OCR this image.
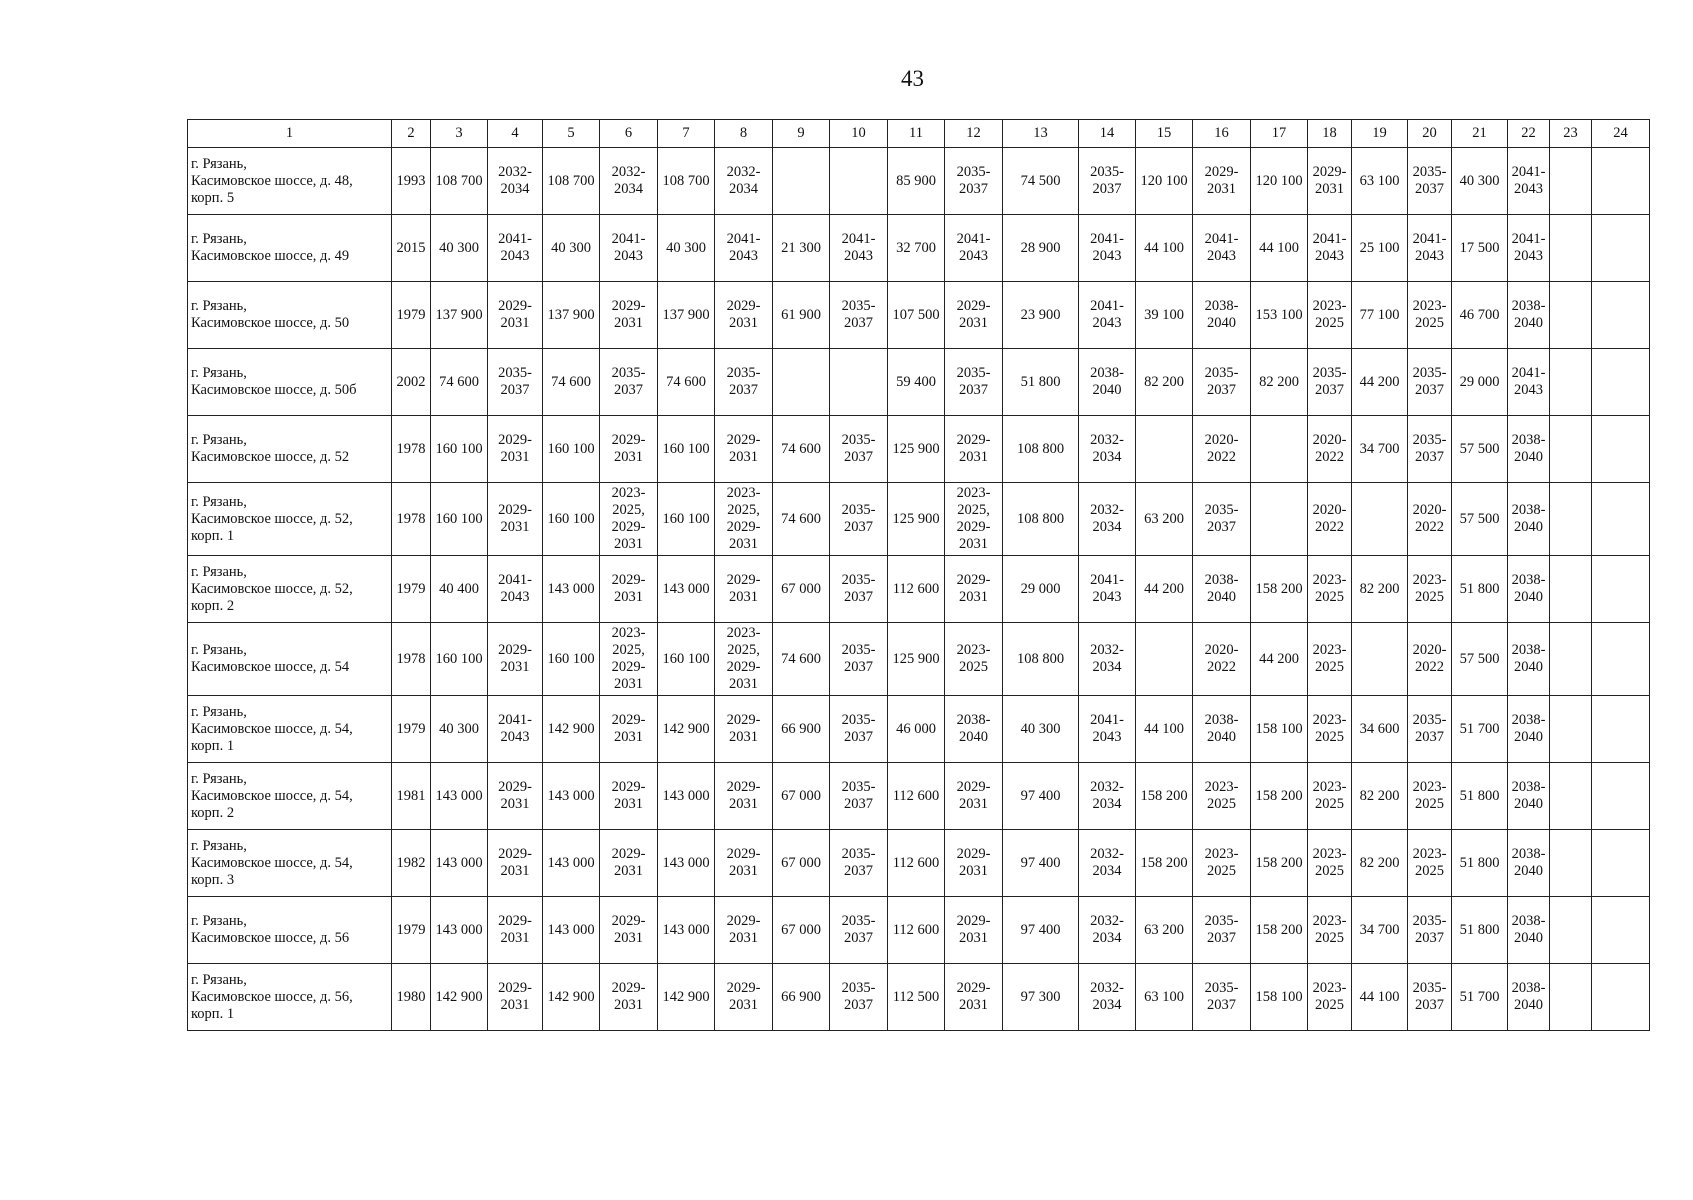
43
1	2	3	4	5	6	7	8	9	10	11	12	13	14	15	16	17	18	19	20	21	22	23	24
г. Рязань,
Касимовское шоссе, д. 48,
корп. 5	1993	108 700	2032-
2034	108 700	2032-
2034	108 700	2032-
2034			85 900	2035-
2037	74 500	2035-
2037	120 100	2029-
2031	120 100	2029-
2031	63 100	2035-
2037	40 300	2041-
2043		
г. Рязань,
Касимовское шоссе, д. 49	2015	40 300	2041-
2043	40 300	2041-
2043	40 300	2041-
2043	21 300	2041-
2043	32 700	2041-
2043	28 900	2041-
2043	44 100	2041-
2043	44 100	2041-
2043	25 100	2041-
2043	17 500	2041-
2043		
г. Рязань,
Касимовское шоссе, д. 50	1979	137 900	2029-
2031	137 900	2029-
2031	137 900	2029-
2031	61 900	2035-
2037	107 500	2029-
2031	23 900	2041-
2043	39 100	2038-
2040	153 100	2023-
2025	77 100	2023-
2025	46 700	2038-
2040		
г. Рязань,
Касимовское шоссе, д. 50б	2002	74 600	2035-
2037	74 600	2035-
2037	74 600	2035-
2037			59 400	2035-
2037	51 800	2038-
2040	82 200	2035-
2037	82 200	2035-
2037	44 200	2035-
2037	29 000	2041-
2043		
г. Рязань,
Касимовское шоссе, д. 52	1978	160 100	2029-
2031	160 100	2029-
2031	160 100	2029-
2031	74 600	2035-
2037	125 900	2029-
2031	108 800	2032-
2034		2020-
2022		2020-
2022	34 700	2035-
2037	57 500	2038-
2040		
г. Рязань,
Касимовское шоссе, д. 52,
корп. 1	1978	160 100	2029-
2031	160 100	2023-
2025,
2029-
2031	160 100	2023-
2025,
2029-
2031	74 600	2035-
2037	125 900	2023-
2025,
2029-
2031	108 800	2032-
2034	63 200	2035-
2037		2020-
2022		2020-
2022	57 500	2038-
2040		
г. Рязань,
Касимовское шоссе, д. 52,
корп. 2	1979	40 400	2041-
2043	143 000	2029-
2031	143 000	2029-
2031	67 000	2035-
2037	112 600	2029-
2031	29 000	2041-
2043	44 200	2038-
2040	158 200	2023-
2025	82 200	2023-
2025	51 800	2038-
2040		
г. Рязань,
Касимовское шоссе, д. 54	1978	160 100	2029-
2031	160 100	2023-
2025,
2029-
2031	160 100	2023-
2025,
2029-
2031	74 600	2035-
2037	125 900	2023-
2025	108 800	2032-
2034		2020-
2022	44 200	2023-
2025		2020-
2022	57 500	2038-
2040		
г. Рязань,
Касимовское шоссе, д. 54,
корп. 1	1979	40 300	2041-
2043	142 900	2029-
2031	142 900	2029-
2031	66 900	2035-
2037	46 000	2038-
2040	40 300	2041-
2043	44 100	2038-
2040	158 100	2023-
2025	34 600	2035-
2037	51 700	2038-
2040		
г. Рязань,
Касимовское шоссе, д. 54,
корп. 2	1981	143 000	2029-
2031	143 000	2029-
2031	143 000	2029-
2031	67 000	2035-
2037	112 600	2029-
2031	97 400	2032-
2034	158 200	2023-
2025	158 200	2023-
2025	82 200	2023-
2025	51 800	2038-
2040		
г. Рязань,
Касимовское шоссе, д. 54,
корп. 3	1982	143 000	2029-
2031	143 000	2029-
2031	143 000	2029-
2031	67 000	2035-
2037	112 600	2029-
2031	97 400	2032-
2034	158 200	2023-
2025	158 200	2023-
2025	82 200	2023-
2025	51 800	2038-
2040		
г. Рязань,
Касимовское шоссе, д. 56	1979	143 000	2029-
2031	143 000	2029-
2031	143 000	2029-
2031	67 000	2035-
2037	112 600	2029-
2031	97 400	2032-
2034	63 200	2035-
2037	158 200	2023-
2025	34 700	2035-
2037	51 800	2038-
2040		
г. Рязань,
Касимовское шоссе, д. 56,
корп. 1	1980	142 900	2029-
2031	142 900	2029-
2031	142 900	2029-
2031	66 900	2035-
2037	112 500	2029-
2031	97 300	2032-
2034	63 100	2035-
2037	158 100	2023-
2025	44 100	2035-
2037	51 700	2038-
2040		
